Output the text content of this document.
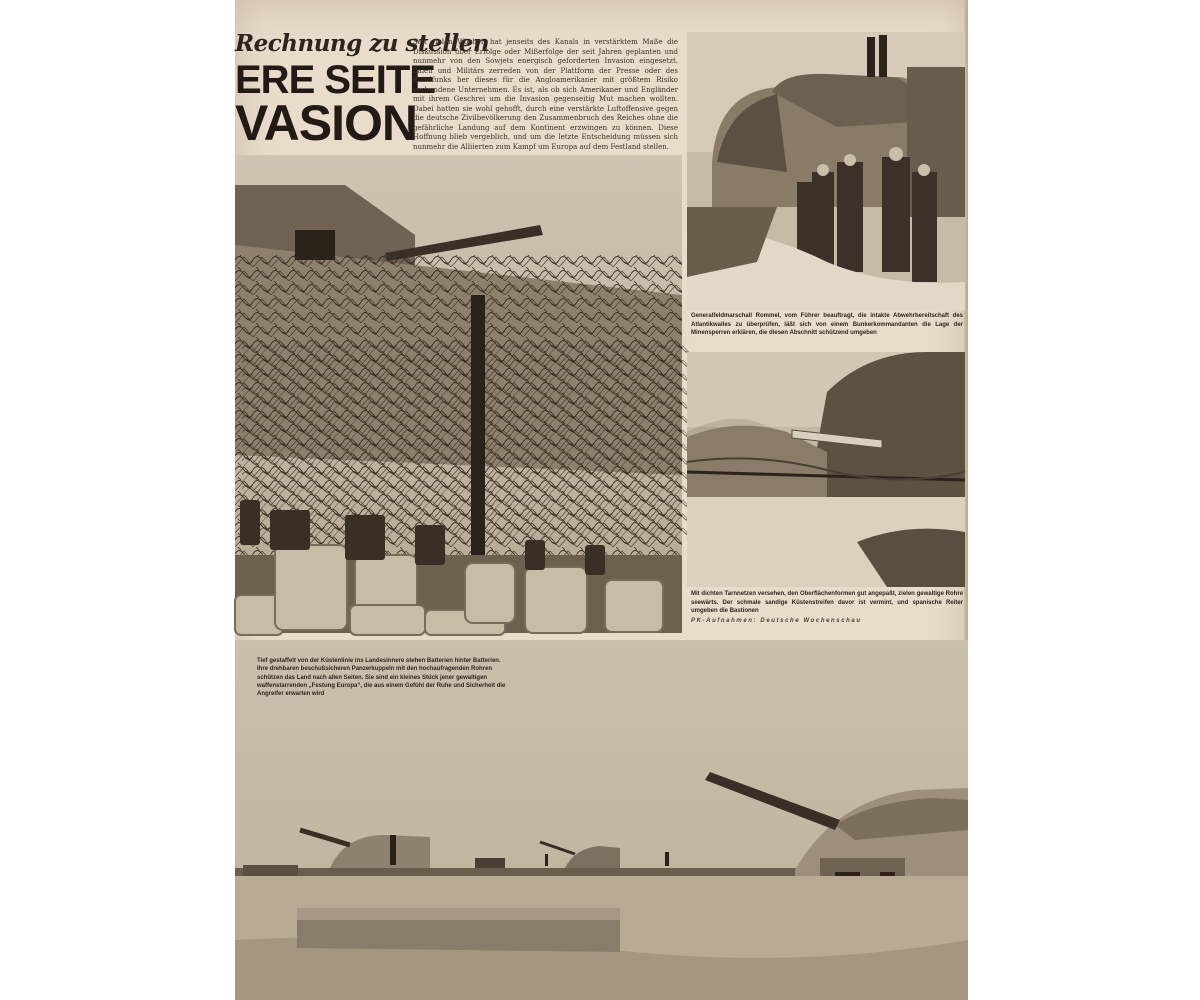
Rechnung zu stellen
ERE SEITE
VASION
Seit vielen Wochen hat jenseits des Kanals in verstärktem Maße die Diskussion über Erfolge oder Mißerfolge der seit Jahren geplanten und nunmehr von den Sowjets energisch geforderten Invasion eingesetzt. Laien und Militärs zerreden von der Plattform der Presse oder des Rundfunks her dieses für die Angloamerikaner mit größtem Risiko verbundene Unternehmen. Es ist, als ob sich Amerikaner und Engländer mit ihrem Geschrei um die Invasion gegenseitig Mut machen wollten. Dabei hatten sie wohl gehofft, durch eine verstärkte Luftoffensive gegen die deutsche Zivilbevölkerung den Zusammenbruch des Reiches ohne die gefährliche Landung auf dem Kontinent erzwingen zu können. Diese Hoffnung blieb vergeblich, und um die letzte Entscheidung müssen sich nunmehr die Alliierten zum Kampf um Europa auf dem Festland stellen.
Generalfeldmarschall Rommel, vom Führer beauftragt, die intakte Abwehrbereitschaft des Atlantikwalles zu überprüfen, läßt sich von einem Bunkerkommandanten die Lage der Minensperren erklären, die diesen Abschnitt schützend umgeben
Mit dichten Tarnnetzen versehen, den Oberflächenformen gut angepaßt, zielen gewaltige Rohre seewärts. Der schmale sandige Küstenstreifen davor ist vermint, und spanische Reiter umgeben die Bastionen
PK-Aufnahmen: Deutsche Wochenschau
Tief gestaffelt von der Küstenlinie ins Landesinnere stehen Batterien hinter Batterien. Ihre drehbaren beschußsicheren Panzerkuppeln mit den hochaufragenden Rohren schützen das Land nach allen Seiten. Sie sind ein kleines Stück jener gewaltigen waffenstarrenden „Festung Europa“, die aus einem Gefühl der Ruhe und Sicherheit die Angreifer erwarten wird
